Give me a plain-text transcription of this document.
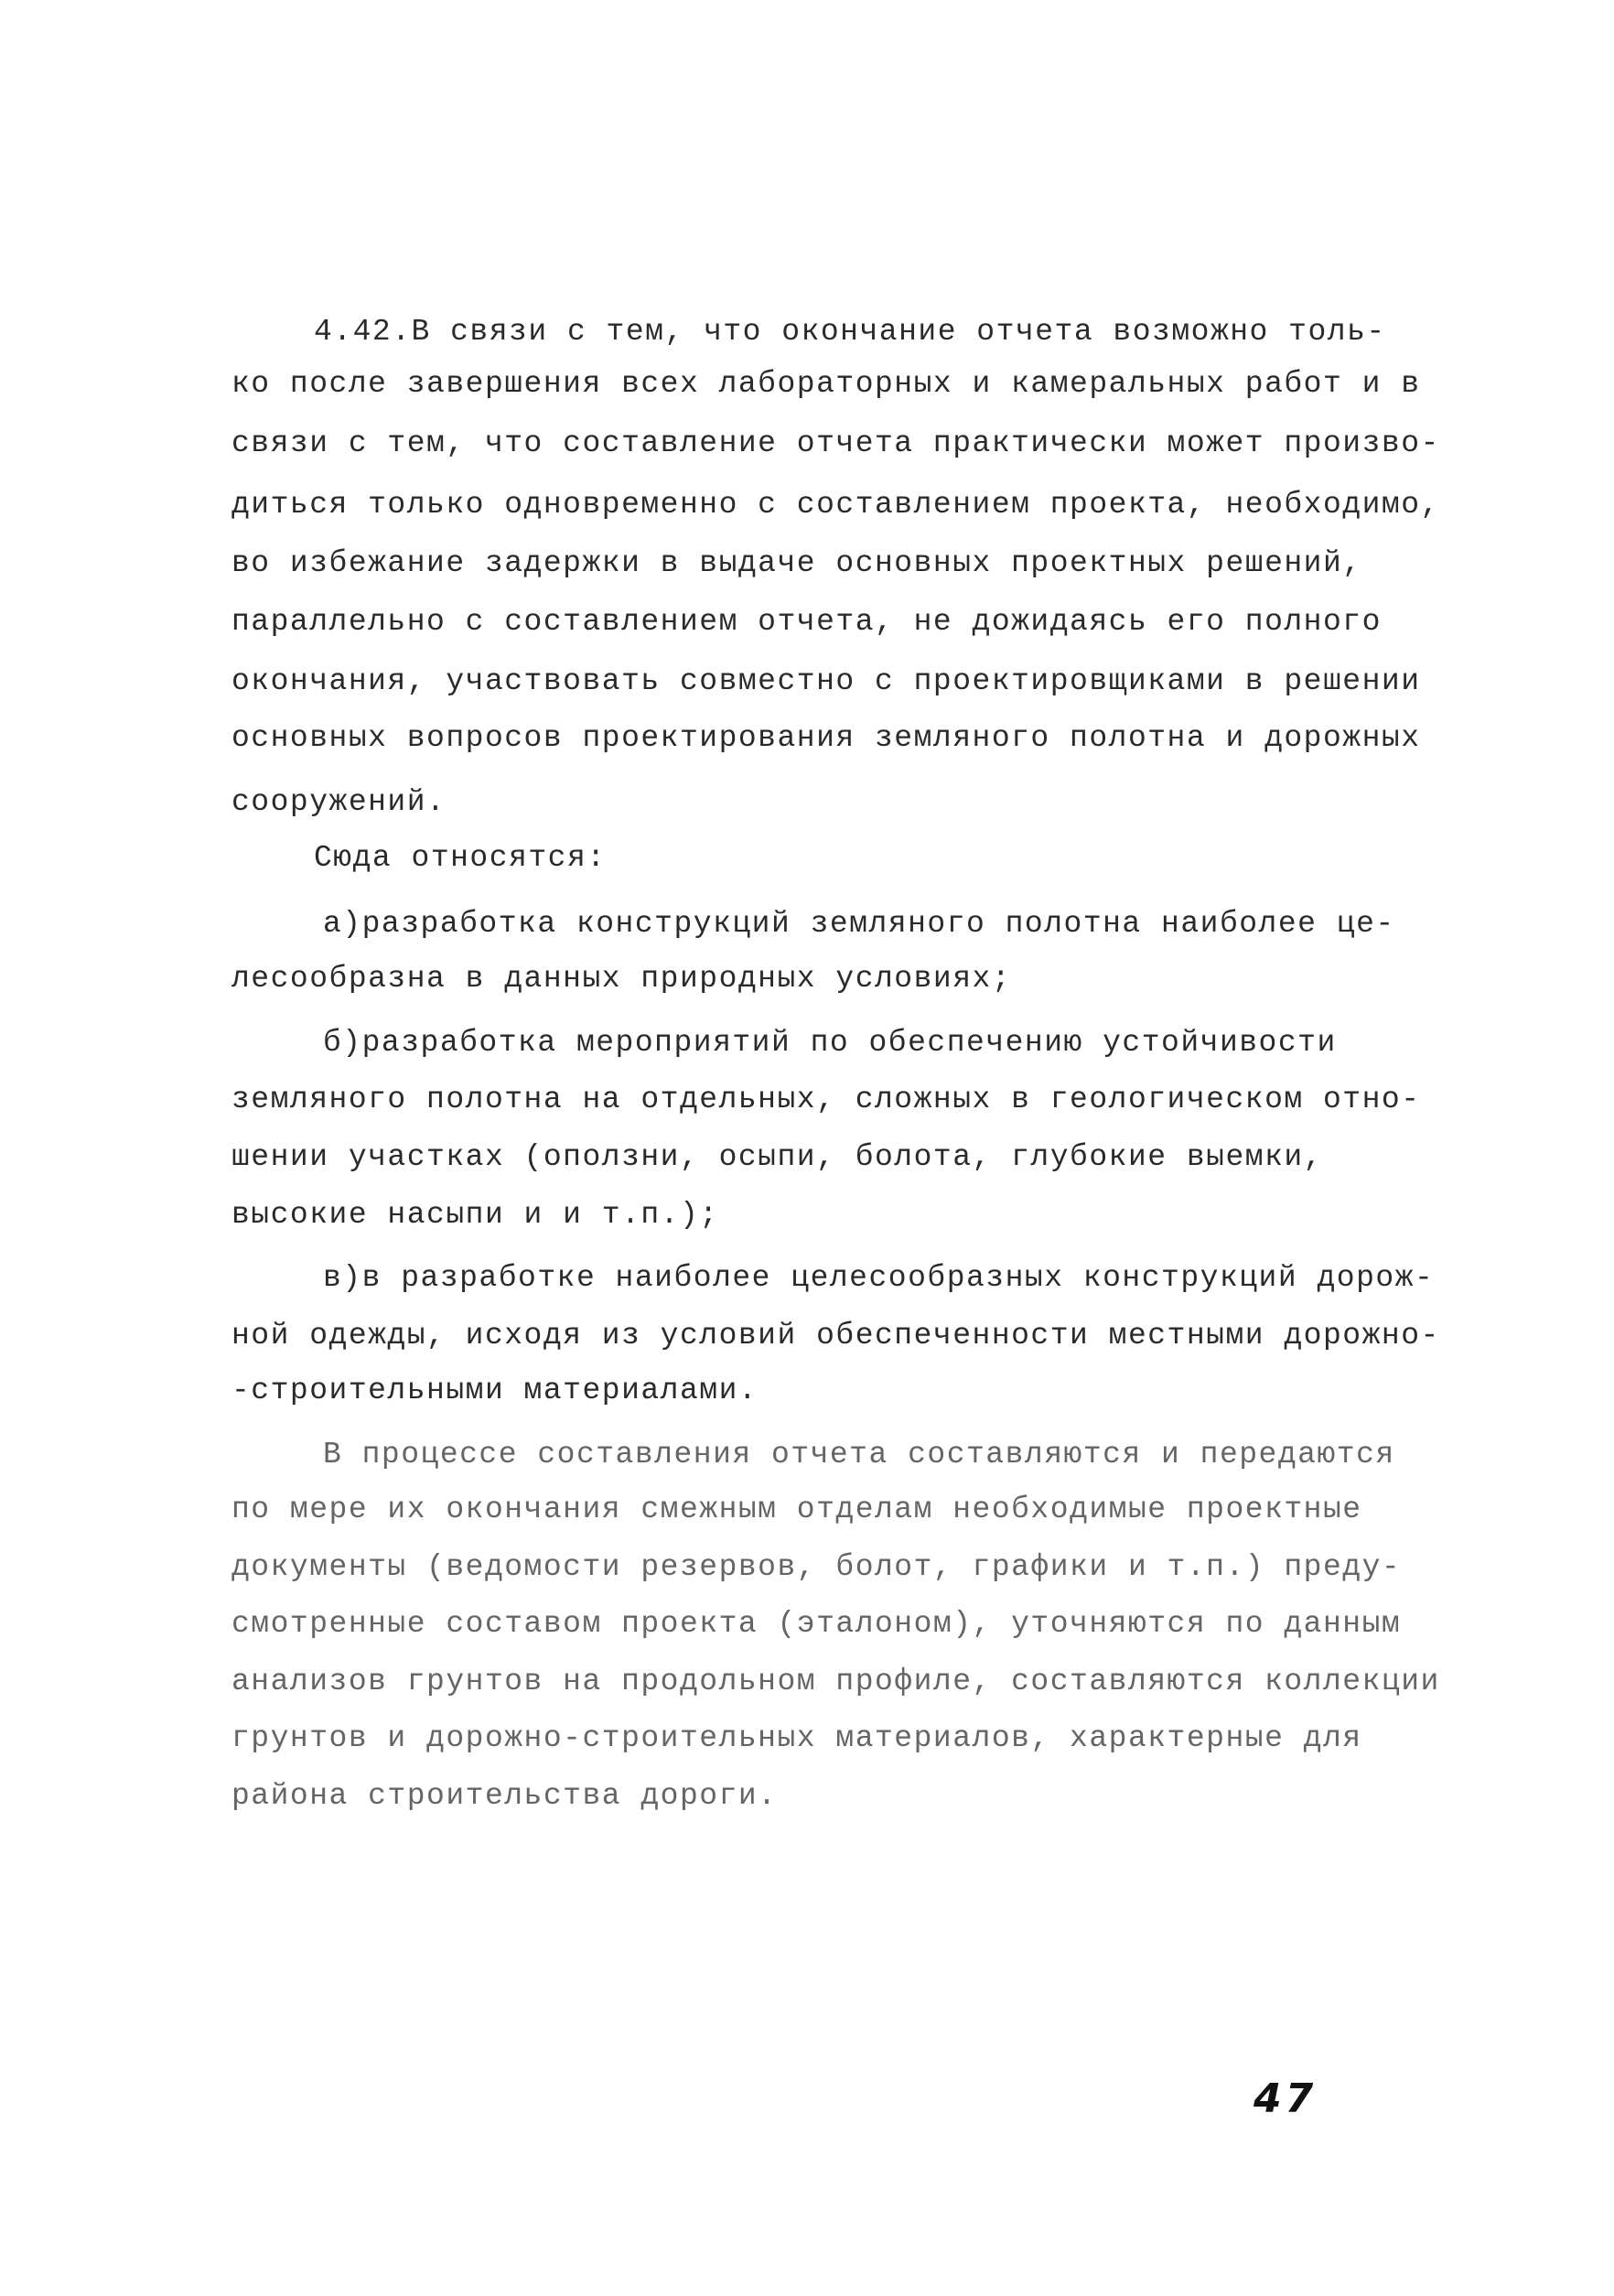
4.42.В связи с тем, что окончание отчета возможно толь-
ко после завершения всех лабораторных и камеральных работ и в
связи с тем, что составление отчета практически может произво-
диться только одновременно с составлением проекта, необходимо,
во избежание задержки в выдаче основных проектных решений,
параллельно с составлением отчета, не дожидаясь его полного
окончания, участвовать совместно с проектировщиками в решении
основных вопросов проектирования земляного полотна и дорожных
сооружений.
Сюда относятся:
а)разработка конструкций земляного полотна наиболее це-
лесообразна в данных природных условиях;
б)разработка мероприятий по обеспечению устойчивости
земляного полотна на отдельных, сложных в геологическом отно-
шении участках (оползни, осыпи, болота, глубокие выемки,
высокие насыпи и и т.п.);
в)в разработке наиболее целесообразных конструкций дорож-
ной одежды, исходя из условий обеспеченности местными дорожно-
-строительными материалами.
В процессе составления отчета составляются и передаются
по мере их окончания смежным отделам необходимые проектные
документы (ведомости резервов, болот, графики и т.п.) преду-
смотренные составом проекта (эталоном), уточняются по данным
анализов грунтов на продольном профиле, составляются коллекции
грунтов и дорожно-строительных материалов, характерные для
района строительства дороги.
47
